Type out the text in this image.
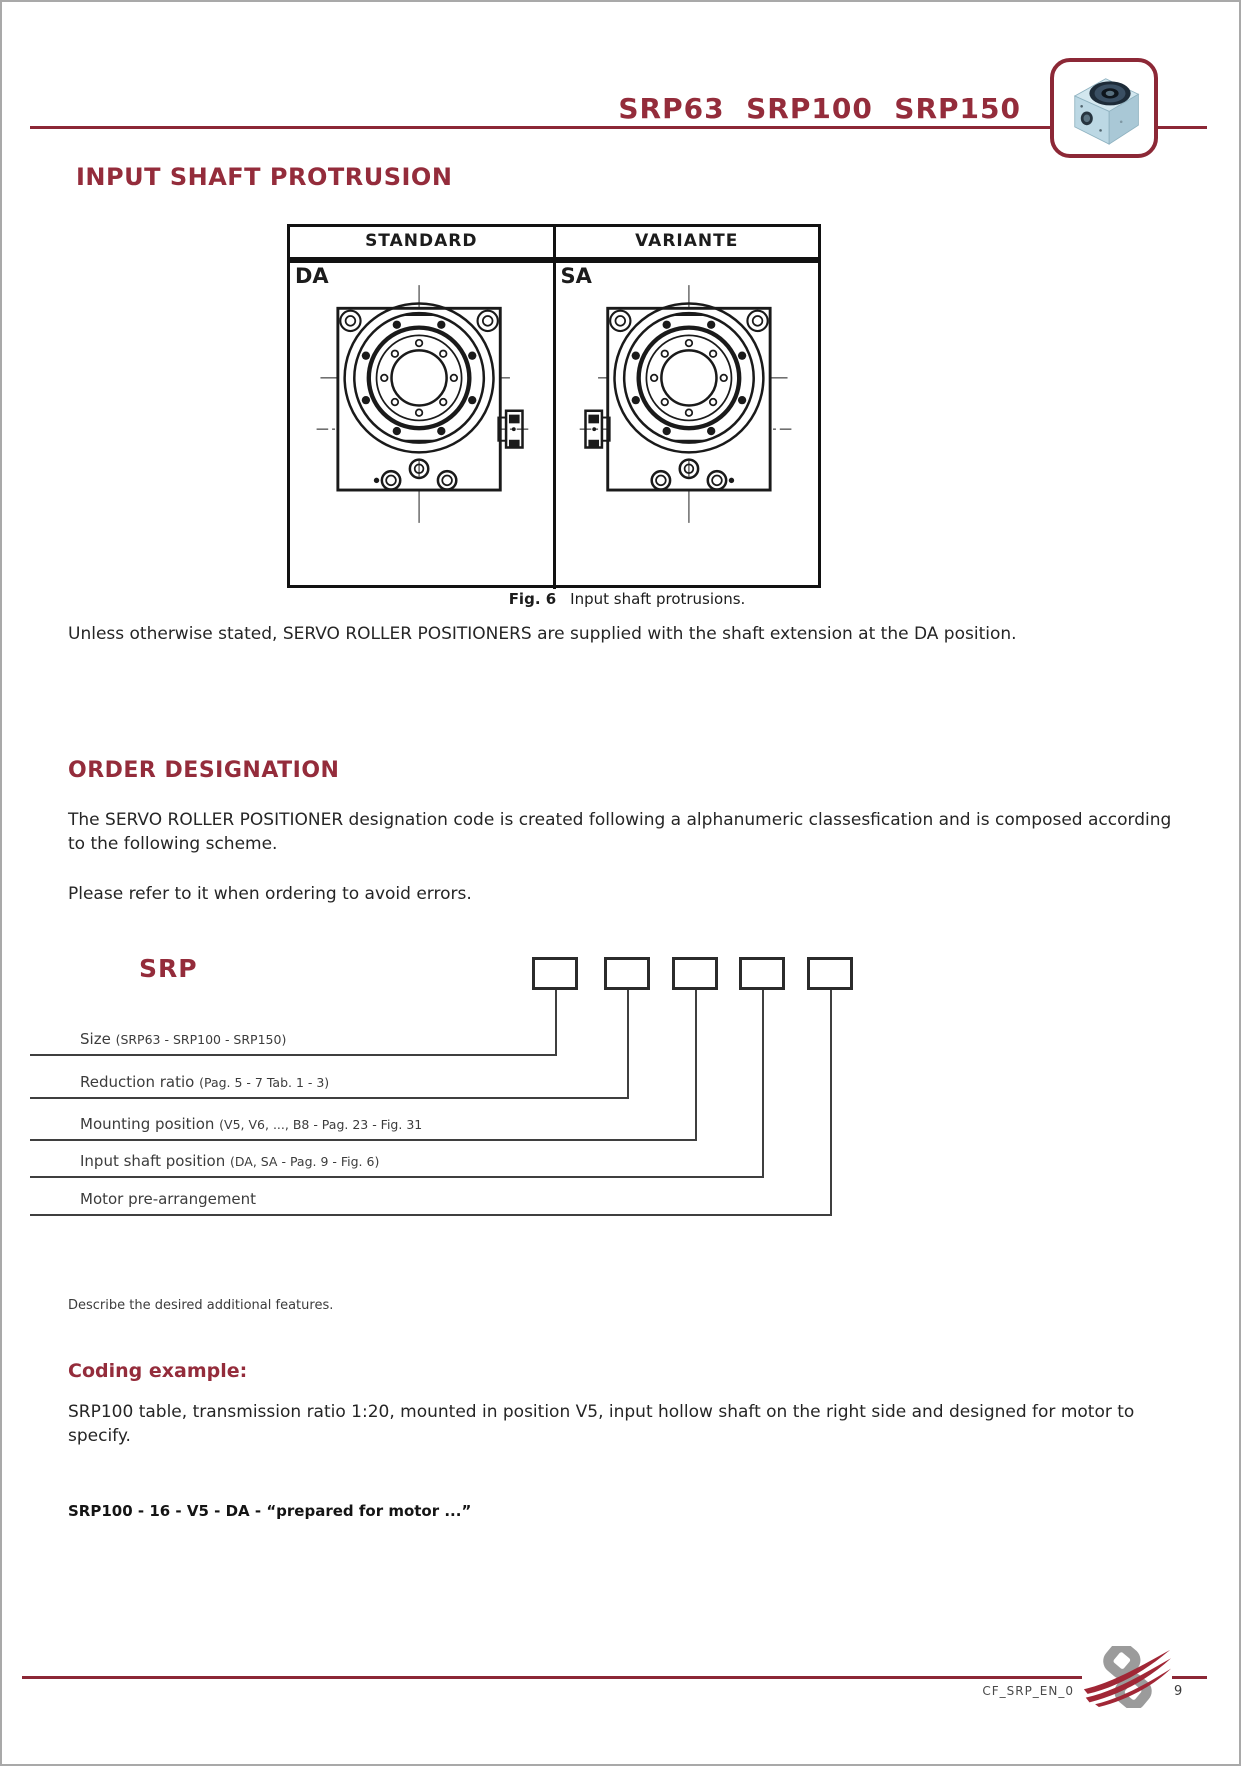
SRP63  SRP100  SRP150
INPUT SHAFT PROTRUSION
STANDARD	VARIANTE
DA	SA
Fig. 6 Input shaft protrusions.
Unless otherwise stated, SERVO ROLLER POSITIONERS are supplied with the shaft extension at the DA position.
ORDER DESIGNATION
The SERVO ROLLER POSITIONER designation code is created following a alphanumeric classesfication and is composed according to the following scheme.
Please refer to it when ordering to avoid errors.
SRP
Size (SRP63 - SRP100 - SRP150)
Reduction ratio (Pag. 5 - 7 Tab. 1 - 3)
Mounting position (V5, V6, ..., B8 - Pag. 23 - Fig. 31
Input shaft position (DA, SA - Pag. 9 - Fig. 6)
Motor pre-arrangement
Describe the desired additional features.
Coding example:
SRP100 table, transmission ratio 1:20, mounted in position V5, input hollow shaft on the right side and designed for motor to specify.
SRP100 - 16 - V5 - DA - “prepared for motor ...”
CF_SRP_EN_0	9
